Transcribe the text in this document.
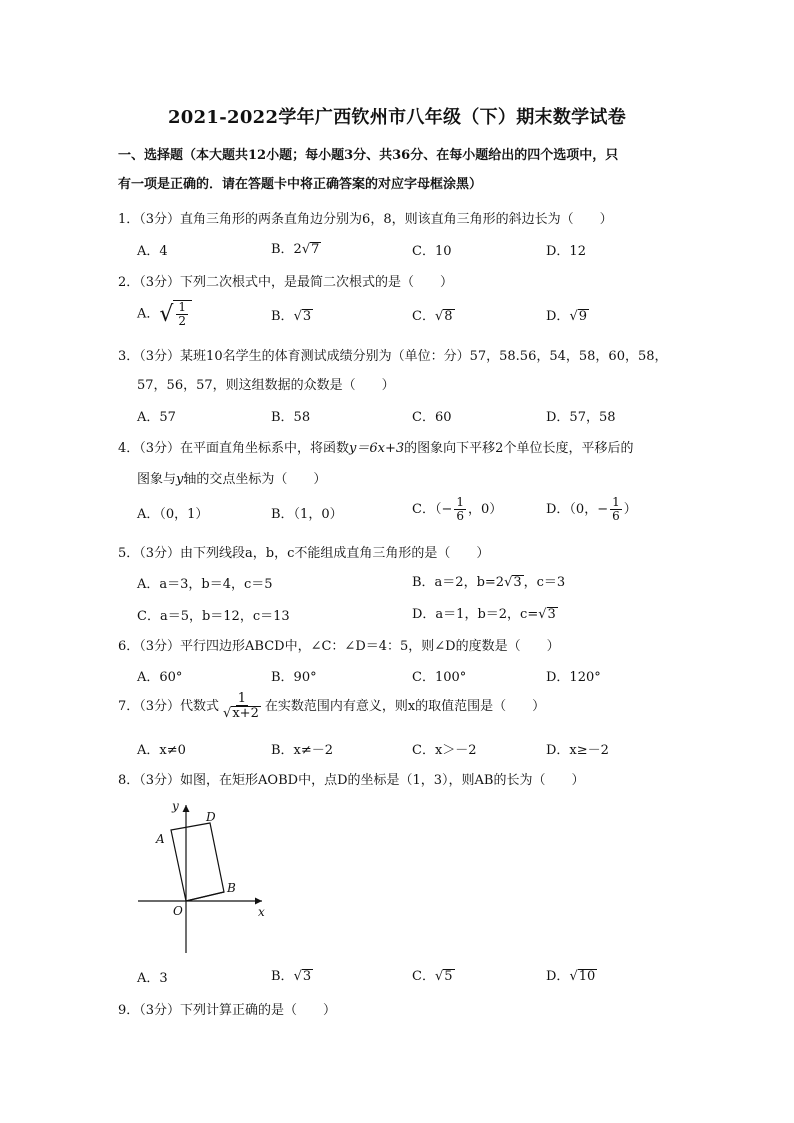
2021-2022学年广西钦州市八年级（下）期末数学试卷
一、选择题（本大题共12小题；每小题3分、共36分、在每小题给出的四个选项中，只
有一项是正确的．请在答题卡中将正确答案的对应字母框涂黑）
1．（3分）直角三角形的两条直角边分别为6，8，则该直角三角形的斜边长为（　　）
A．4	B．2√ 7	C．10	D．12
2．（3分）下列二次根式中，是最简二次根式的是（　　）
A． √ $\frac{1}{2}$	B．√ 3	C．√ 8	D．√ 9
3．（3分）某班10名学生的体育测试成绩分别为（单位：分）57，58.56，54，58，60，58，
57，56，57，则这组数据的众数是（　　）
A．57	B．58	C．60	D．57，58
4．（3分）在平面直角坐标系中，将函数y＝6x+3的图象向下平移2个单位长度，平移后的
图象与y轴的交点坐标为（　　）
A．（0，1）	B．（1，0）	C．（− $\frac{1}{6}$ ，0）	D．（0，− $\frac{1}{6}$ ）
5．（3分）由下列线段a，b，c不能组成直角三角形的是（　　）
A．a＝3，b＝4，c＝5	B．a＝2，b=2√ 3 ，c＝3
C．a＝5，b＝12，c＝13	D．a＝1，b＝2，c=√ 3
6．（3分）平行四边形ABCD中，∠C：∠D＝4：5，则∠D的度数是（　　）
A．60°	B．90°	C．100°	D．120°
7．（3分）代数式 $\frac{1}{√x+2}$ 在实数范围内有意义，则x的取值范围是（　　）
A．x≠0	B．x≠－2	C．x＞－2	D．x≥－2
8．（3分）如图，在矩形AOBD中，点D的坐标是（1，3），则AB的长为（　　）
y
x
O
A
B
D
A．3	B．√ 3	C．√ 5	D．√ 10
9．（3分）下列计算正确的是（　　）
